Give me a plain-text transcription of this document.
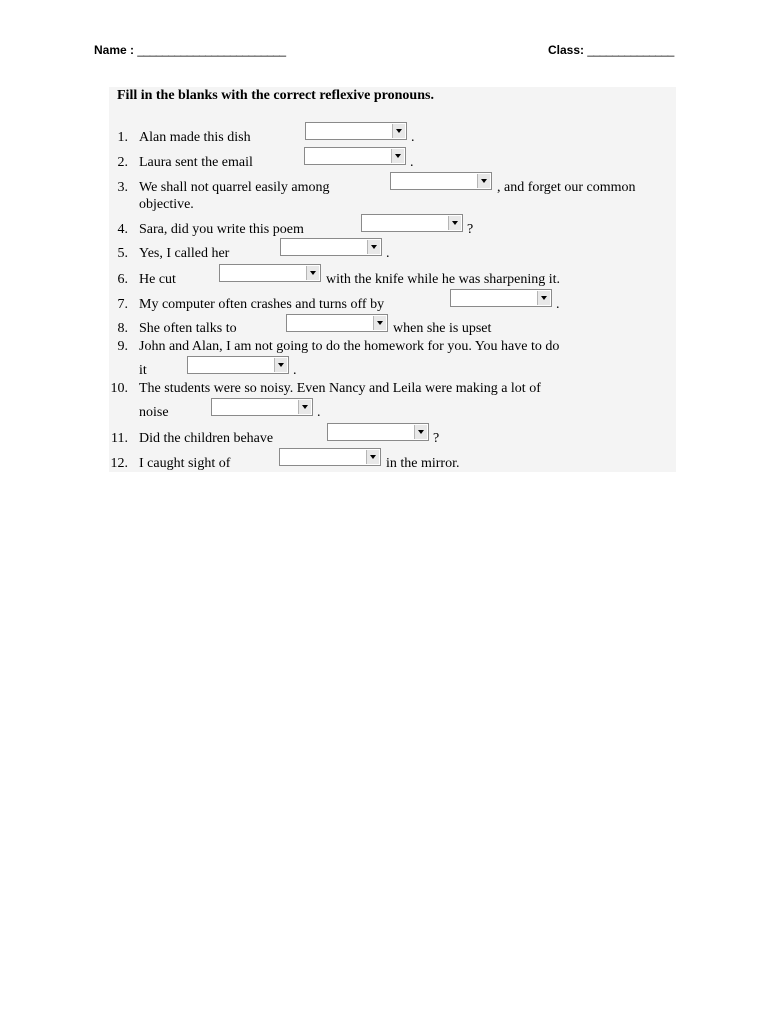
Name : ________________________	Class: ______________
Fill in the blanks with the correct reflexive pronouns.
1. Alan made this dish	.
2. Laura sent the email	.
3. We shall not quarrel easily among	, and forget our common
objective.
4. Sara, did you write this poem	?
5. Yes, I called her	.
6. He cut	with the knife while he was sharpening it.
7. My computer often crashes and turns off by	.
8. She often talks to	when she is upset
9. John and Alan, I am not going to do the homework for you. You have to do
it	.
10. The students were so noisy. Even Nancy and Leila were making a lot of
noise	.
11. Did the children behave	?
12. I caught sight of	in the mirror.
